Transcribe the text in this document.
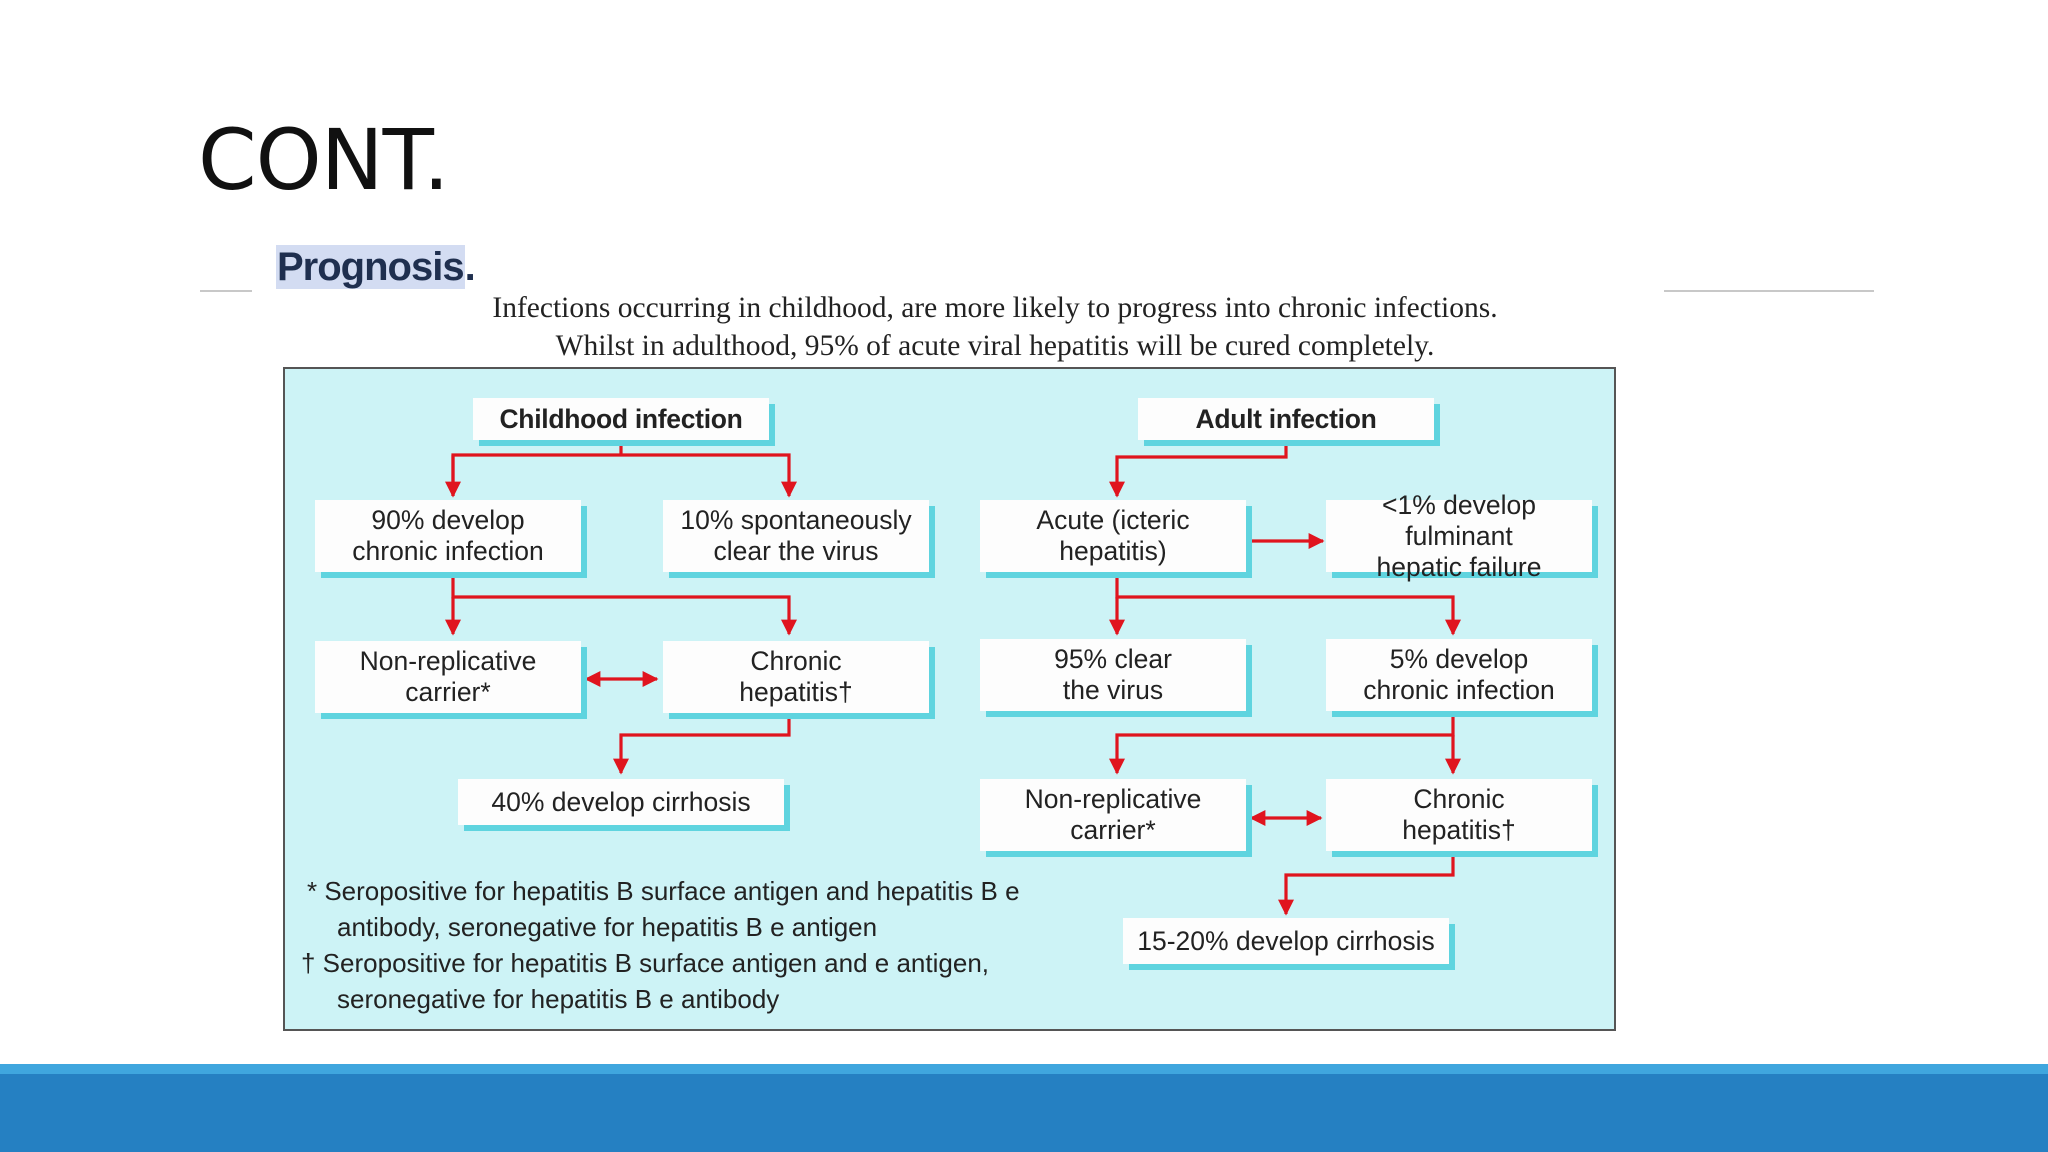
CONT.
Prognosis.
Infections occurring in childhood, are more likely to progress into chronic infections.
Whilst in adulthood, 95% of acute viral hepatitis will be cured completely.
Childhood infection
90% develop
chronic infection
10% spontaneously
clear the virus
Non-replicative
carrier*
Chronic
hepatitis†
40% develop cirrhosis
Adult infection
Acute (icteric
hepatitis)
<1% develop fulminant
hepatic failure
95% clear
the virus
5% develop
chronic infection
Non-replicative
carrier*
Chronic
hepatitis†
15-20% develop cirrhosis
* Seropositive for hepatitis B surface antigen and hepatitis B e
antibody, seronegative for hepatitis B e antigen
† Seropositive for hepatitis B surface antigen and e antigen,
seronegative for hepatitis B e antibody
